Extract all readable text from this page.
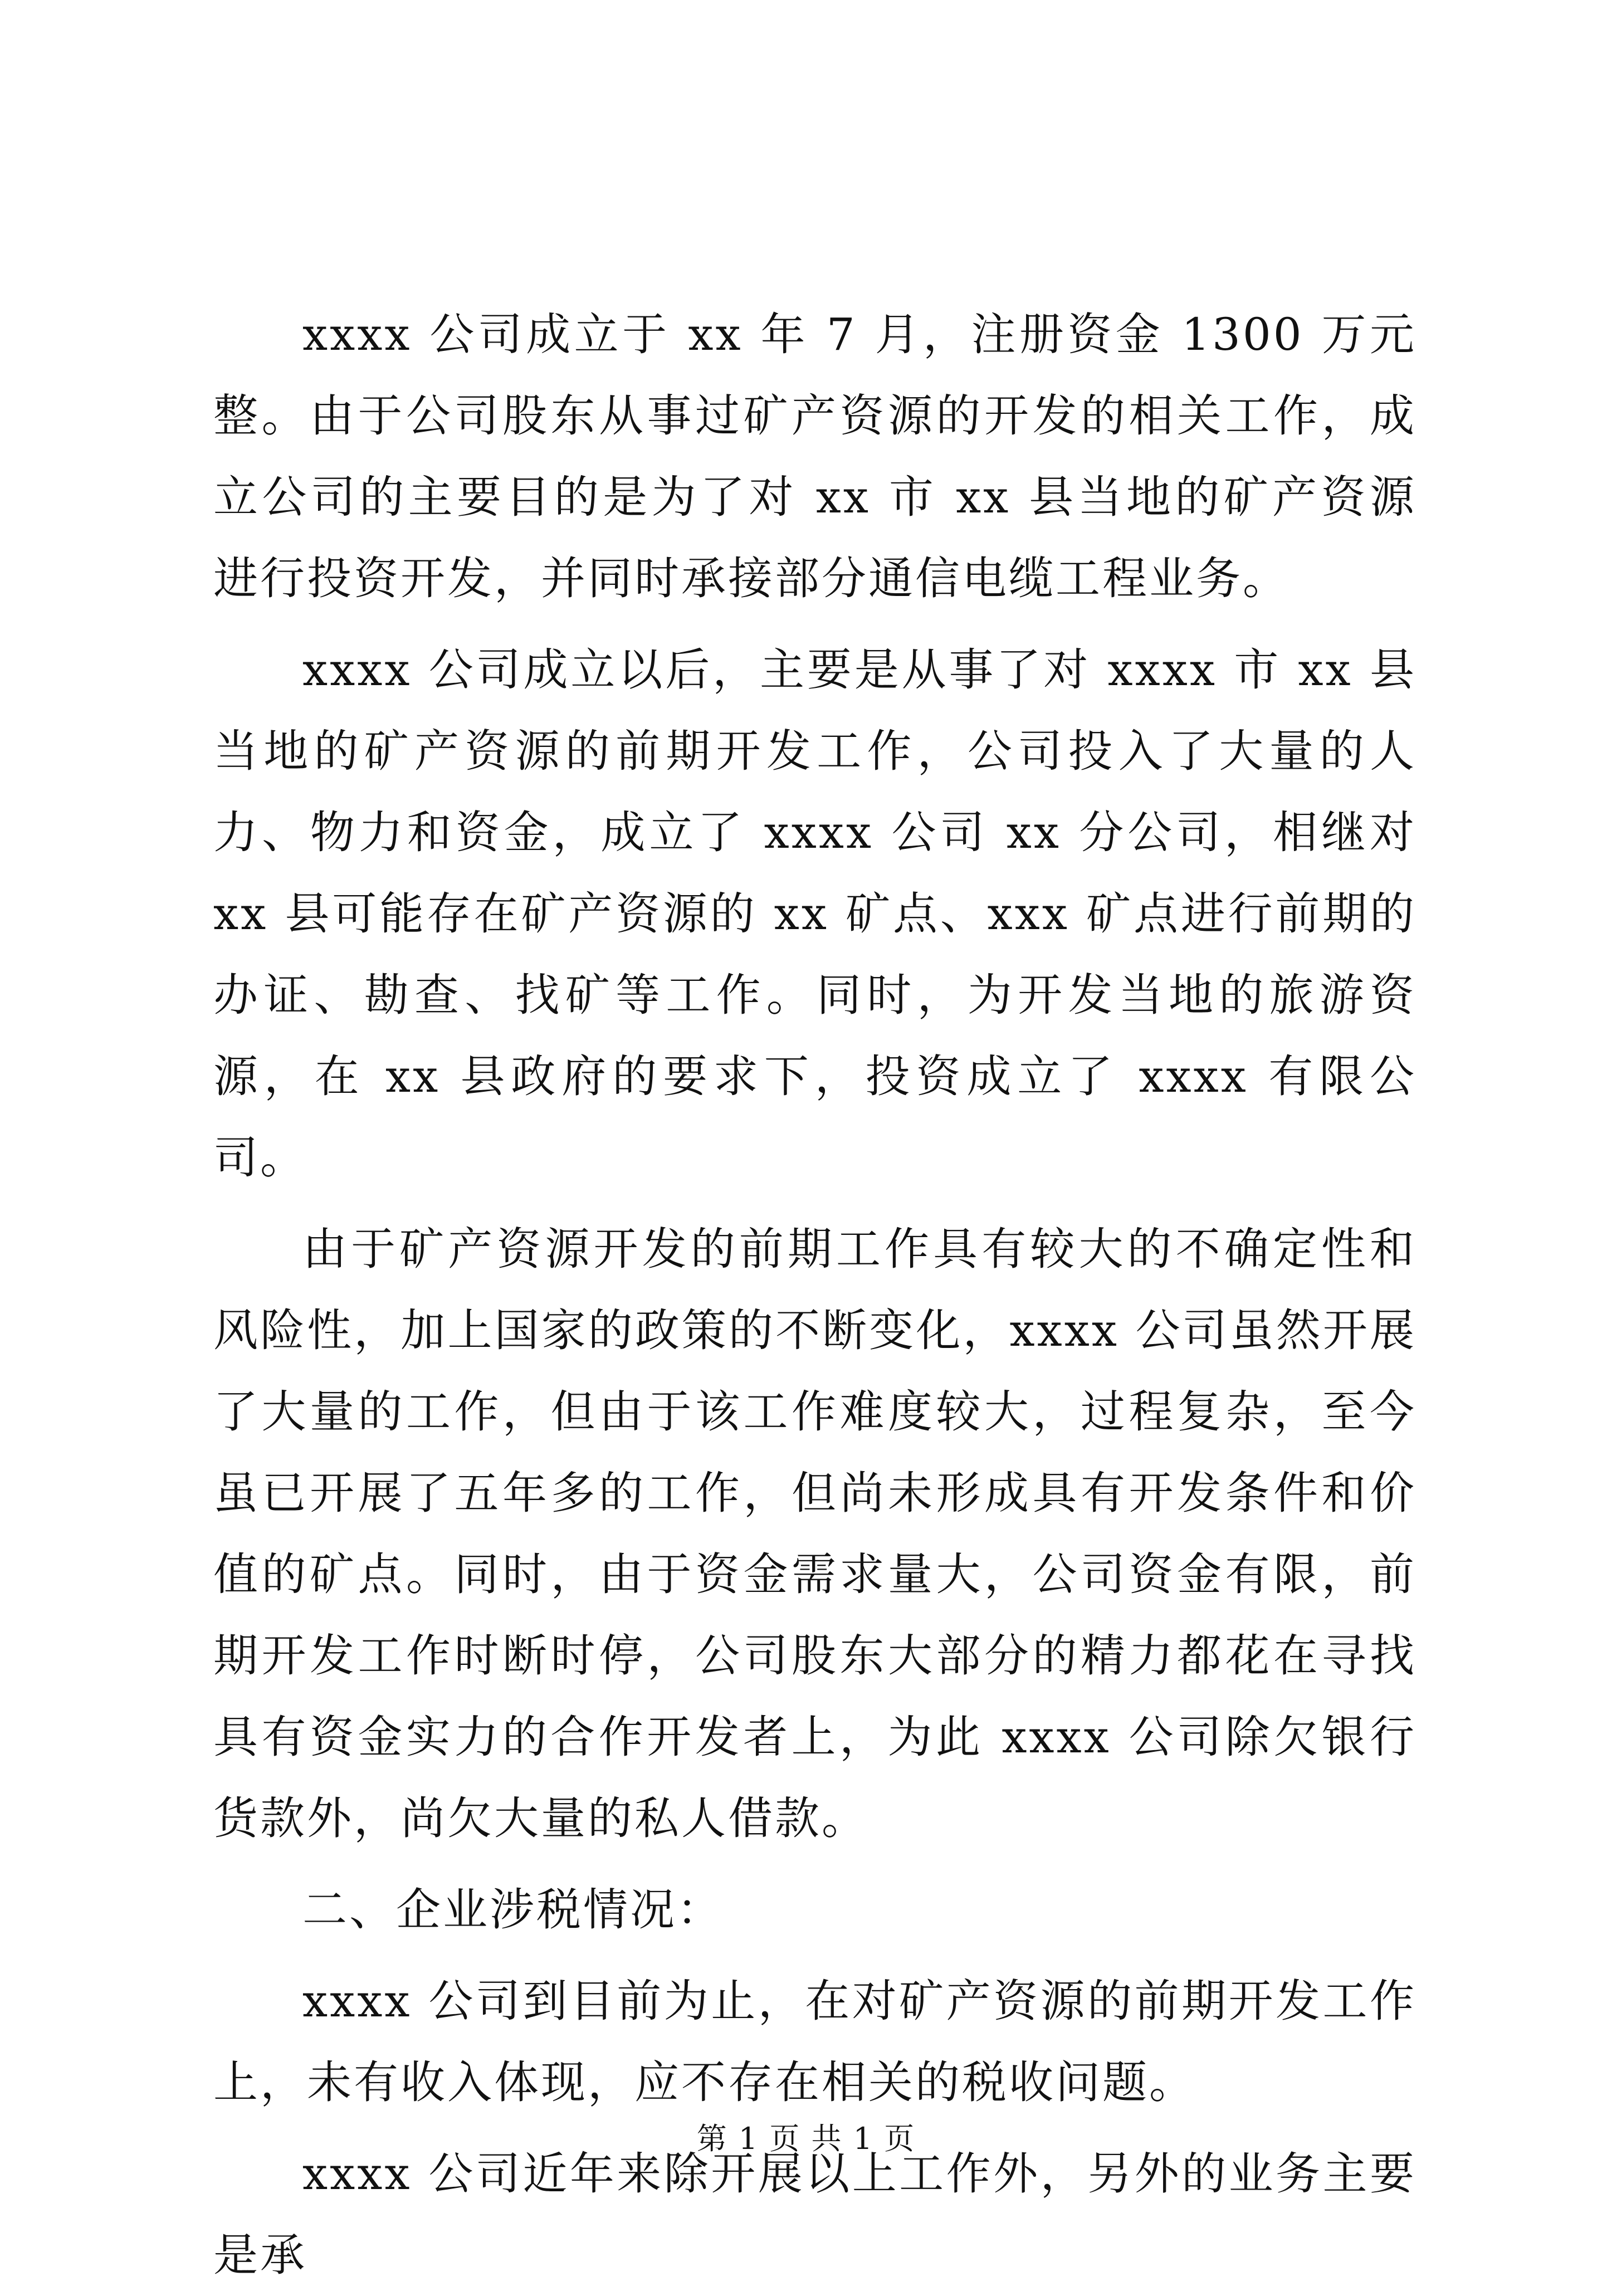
xxxx 公司成立于 xx 年 7 月，注册资金 1300 万元整。由于公司股东从事过矿产资源的开发的相关工作，成立公司的主要目的是为了对 xx 市 xx 县当地的矿产资源进行投资开发，并同时承接部分通信电缆工程业务。

xxxx 公司成立以后，主要是从事了对 xxxx 市 xx 县当地的矿产资源的前期开发工作，公司投入了大量的人力、物力和资金，成立了 xxxx 公司 xx 分公司，相继对 xx 县可能存在矿产资源的 xx 矿点、xxx 矿点进行前期的办证、勘查、找矿等工作。同时，为开发当地的旅游资源，在 xx 县政府的要求下，投资成立了 xxxx 有限公司。

由于矿产资源开发的前期工作具有较大的不确定性和风险性，加上国家的政策的不断变化，xxxx 公司虽然开展了大量的工作，但由于该工作难度较大，过程复杂，至今虽已开展了五年多的工作，但尚未形成具有开发条件和价值的矿点。同时，由于资金需求量大，公司资金有限，前期开发工作时断时停，公司股东大部分的精力都花在寻找具有资金实力的合作开发者上，为此 xxxx 公司除欠银行货款外，尚欠大量的私人借款。

二、企业涉税情况：

xxxx 公司到目前为止，在对矿产资源的前期开发工作上，未有收入体现，应不存在相关的税收问题。

xxxx 公司近年来除开展以上工作外，另外的业务主要是承

第 1 页 共 1 页
